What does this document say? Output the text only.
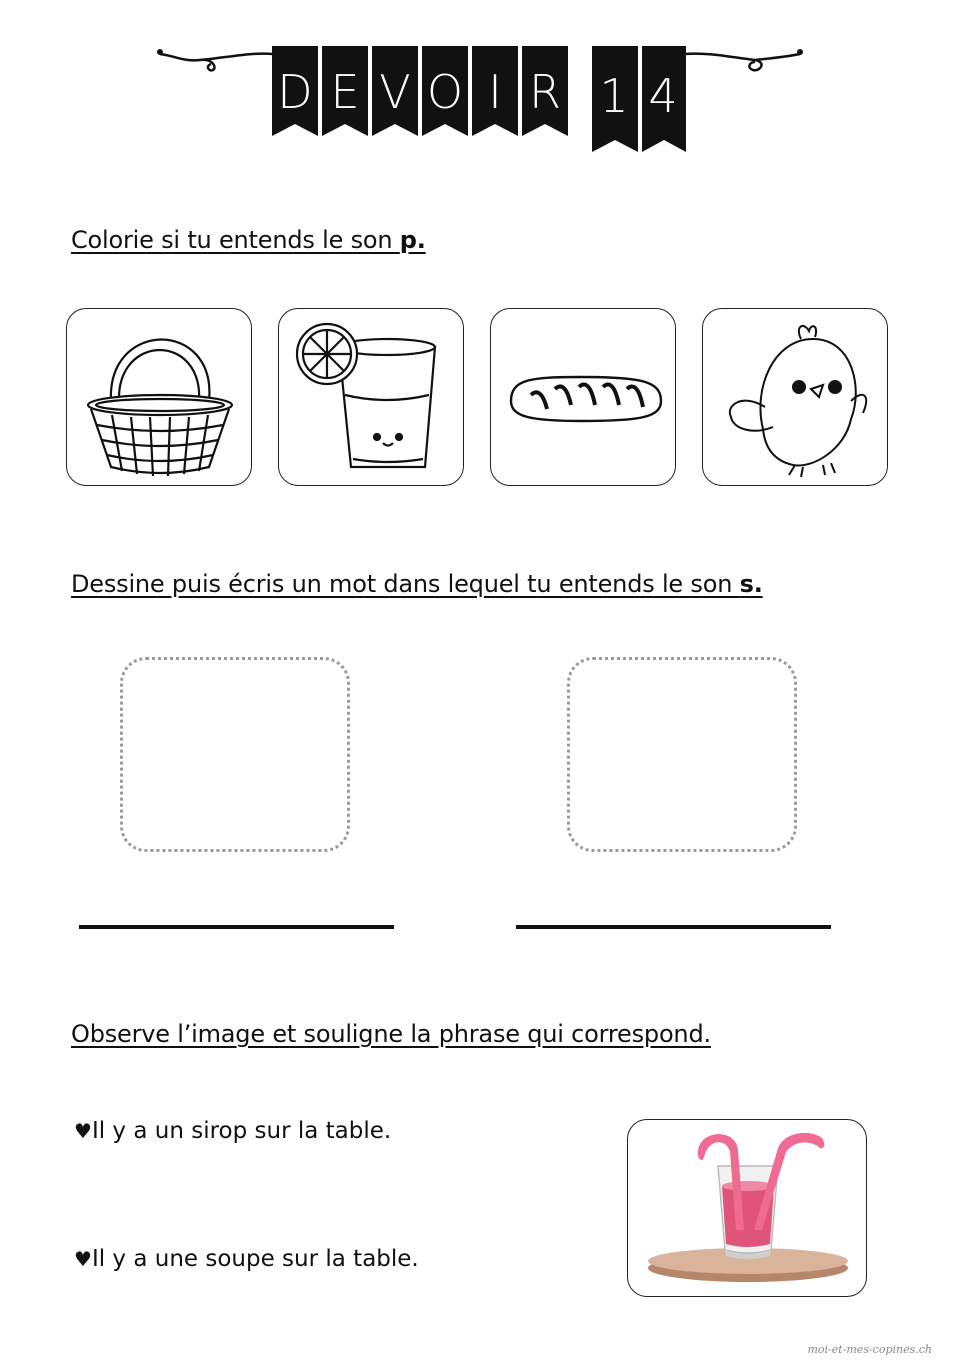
D E V O I R 1 4
Colorie si tu entends le son p.
Dessine puis écris un mot dans lequel tu entends le son s.
Observe l’image et souligne la phrase qui correspond.
♥Il y a un sirop sur la table.
♥Il y a une soupe sur la table.
moi-et-mes-copines.ch
